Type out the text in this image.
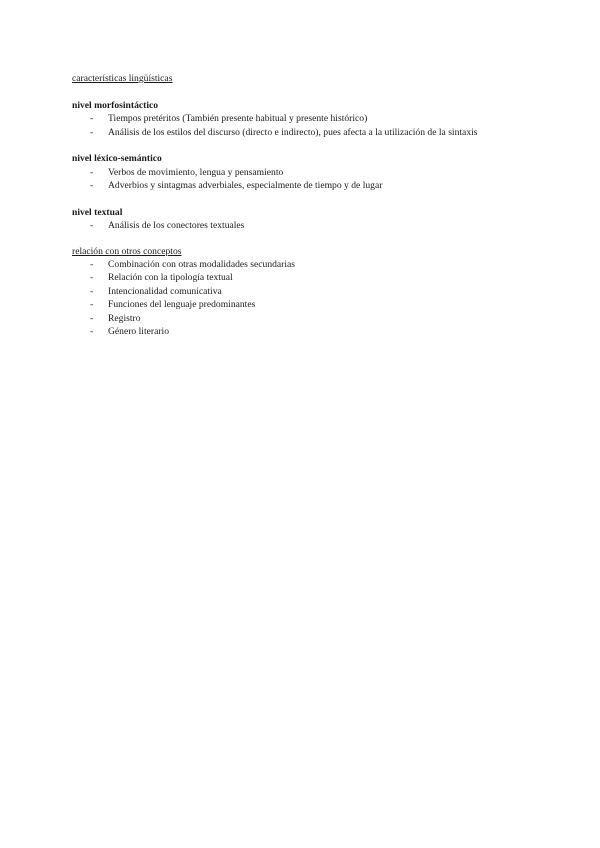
características lingüísticas

nivel morfosintáctico

- Tiempos pretéritos (También presente habitual y presente histórico)
- Análisis de los estilos del discurso (directo e indirecto), pues afecta a la utilización de la sintaxis

nivel léxico-semántico

- Verbos de movimiento, lengua y pensamiento
- Adverbios y sintagmas adverbiales, especialmente de tiempo y de lugar

nivel textual

- Análisis de los conectores textuales

relación con otros conceptos

- Combinación con otras modalidades secundarias
- Relación con la tipología textual
- Intencionalidad comunicativa
- Funciones del lenguaje predominantes
- Registro
- Género literario
